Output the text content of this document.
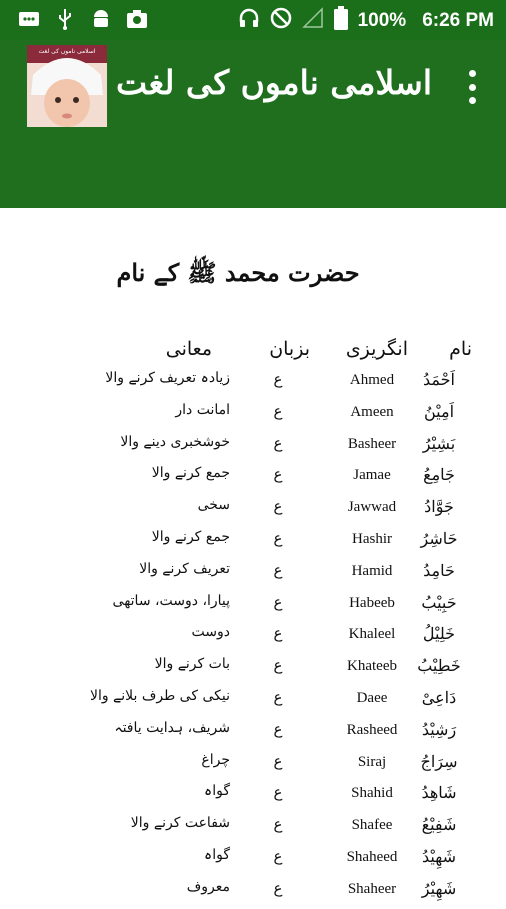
100% 6:26 PM
اسلامی ناموں کی لغت
اسلامی ناموں کی لغت
حضرت محمد ﷺ کے نام
نام
انگریزی
بزبان
معانی
اَحْمَدُ
Ahmed
ع
زیادہ تعریف کرنے والا
اَمِیْنُ
Ameen
ع
امانت دار
بَشِیْرُ
Basheer
ع
خوشخبری دینے والا
جَامِعُ
Jamae
ع
جمع کرنے والا
جَوَّادُ
Jawwad
ع
سخی
حَاشِرُ
Hashir
ع
جمع کرنے والا
حَامِدُ
Hamid
ع
تعریف کرنے والا
حَبِیْبُ
Habeeb
ع
پیارا، دوست، ساتھی
خَلِیْلُ
Khaleel
ع
دوست
خَطِیْبُ
Khateeb
ع
بات کرنے والا
دَاعِیْ
Daee
ع
نیکی کی طرف بلانے والا
رَشِیْدُ
Rasheed
ع
شریف، ہدایت یافتہ
سِرَاجُ
Siraj
ع
چراغ
شَاهِدُ
Shahid
ع
گواہ
شَفِیْعُ
Shafee
ع
شفاعت کرنے والا
شَهِیْدُ
Shaheed
ع
گواہ
شَهِیْرُ
Shaheer
ع
معروف
